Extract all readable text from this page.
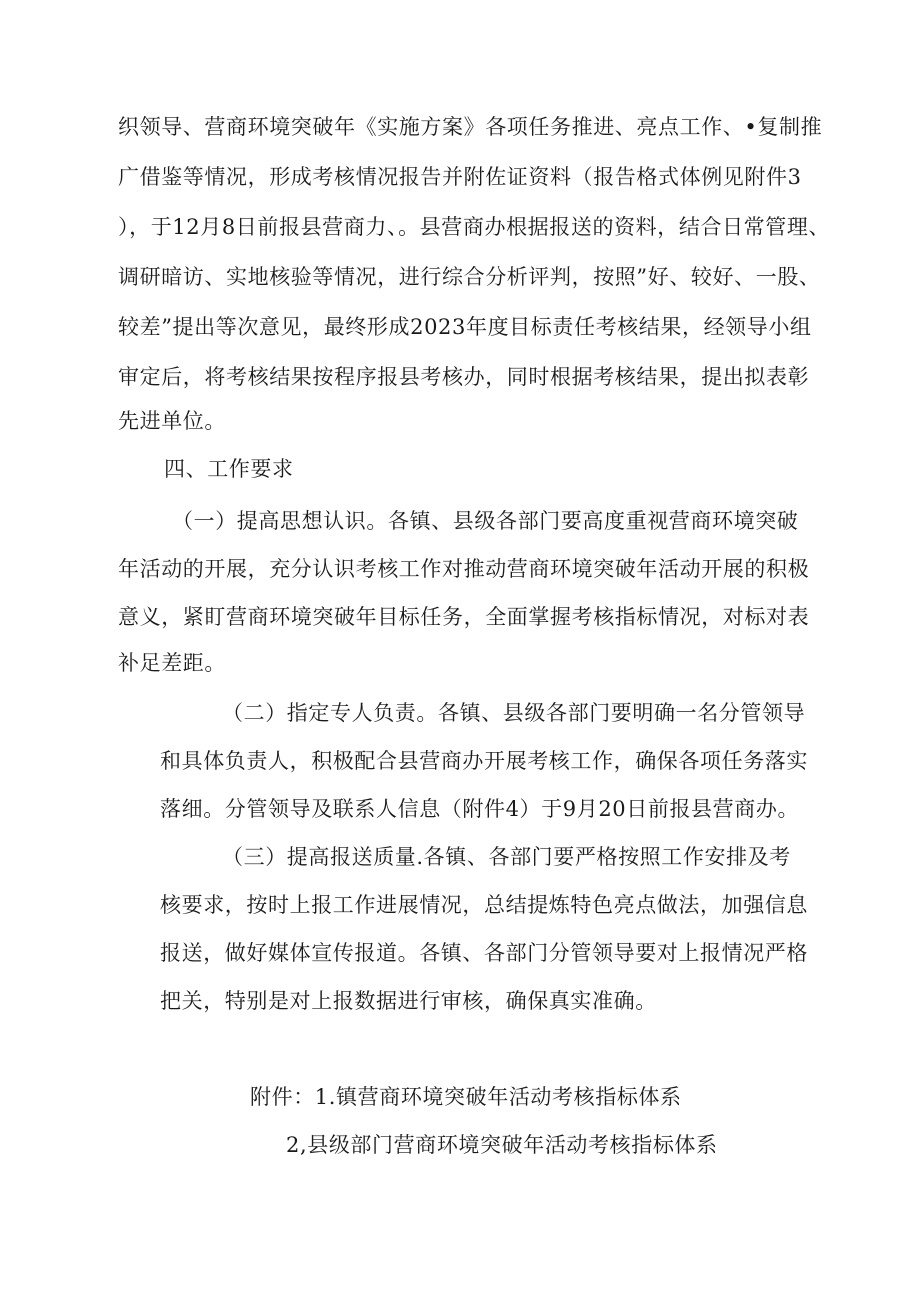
织领导、营商环境突破年《实施方案》各项任务推进、亮点工作、•复制推
广借鉴等情况，形成考核情况报告并附佐证资料（报告格式体例见附件3
），于12月8日前报县营商力、。县营商办根据报送的资料，结合日常管理、
调研暗访、实地核验等情况，进行综合分析评判，按照”好、较好、一股、
较差”提出等次意见，最终形成2023年度目标责任考核结果，经领导小组
审定后，将考核结果按程序报县考核办，同时根据考核结果，提出拟表彰
先进单位。
四、工作要求
（一）提高思想认识。各镇、县级各部门要高度重视营商环境突破
年活动的开展，充分认识考核工作对推动营商环境突破年活动开展的积极
意义，紧盯营商环境突破年目标任务，全面掌握考核指标情况，对标对表
补足差距。
（二）指定专人负责。各镇、县级各部门要明确一名分管领导
和具体负责人，积极配合县营商办开展考核工作，确保各项任务落实
落细。分管领导及联系人信息（附件4）于9月20日前报县营商办。
（三）提高报送质量.各镇、各部门要严格按照工作安排及考
核要求，按时上报工作进展情况，总结提炼特色亮点做法，加强信息
报送，做好媒体宣传报道。各镇、各部门分管领导要对上报情况严格
把关，特别是对上报数据进行审核，确保真实准确。
附件：1.镇营商环境突破年活动考核指标体系
2,县级部门营商环境突破年活动考核指标体系
